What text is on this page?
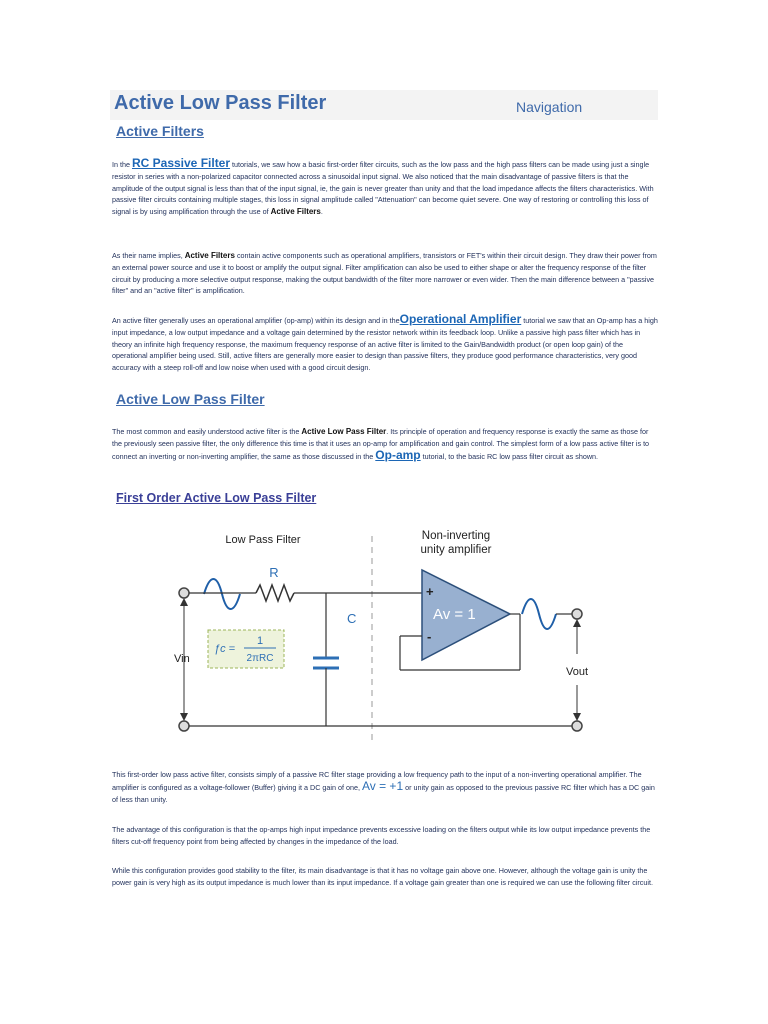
Active Low Pass Filter	Navigation
Active Filters

In the RC Passive Filter tutorials, we saw how a basic first-order filter circuits, such as the low pass and the high pass filters can be made using just a single resistor in series with a non-polarized capacitor connected across a sinusoidal input signal. We also noticed that the main disadvantage of passive filters is that the amplitude of the output signal is less than that of the input signal, ie, the gain is never greater than unity and that the load impedance affects the filters characteristics. With passive filter circuits containing multiple stages, this loss in signal amplitude called "Attenuation" can become quiet severe. One way of restoring or controlling this loss of signal is by using amplification through the use of Active Filters.

As their name implies, Active Filters contain active components such as operational amplifiers, transistors or FET's within their circuit design. They draw their power from an external power source and use it to boost or amplify the output signal. Filter amplification can also be used to either shape or alter the frequency response of the filter circuit by producing a more selective output response, making the output bandwidth of the filter more narrower or even wider. Then the main difference between a "passive filter" and an "active filter" is amplification.

An active filter generally uses an operational amplifier (op-amp) within its design and in theOperational Amplifier tutorial we saw that an Op-amp has a high input impedance, a low output impedance and a voltage gain determined by the resistor network within its feedback loop. Unlike a passive high pass filter which has in theory an infinite high frequency response, the maximum frequency response of an active filter is limited to the Gain/Bandwidth product (or open loop gain) of the operational amplifier being used. Still, active filters are generally more easier to design than passive filters, they produce good performance characteristics, very good accuracy with a steep roll-off and low noise when used with a good circuit design.

Active Low Pass Filter

The most common and easily understood active filter is the Active Low Pass Filter. Its principle of operation and frequency response is exactly the same as those for the previously seen passive filter, the only difference this time is that it uses an op-amp for amplification and gain control. The simplest form of a low pass active filter is to connect an inverting or non-inverting amplifier, the same as those discussed in the Op-amp tutorial, to the basic RC low pass filter circuit as shown.

First Order Active Low Pass Filter
Low Pass Filter	Non-inverting
unity amplifier
R
C
Vin
ƒc =
1
2πRC
+
-
Av = 1
Vout

This first-order low pass active filter, consists simply of a passive RC filter stage providing a low frequency path to the input of a non-inverting operational amplifier. The amplifier is configured as a voltage-follower (Buffer) giving it a DC gain of one, Av = +1 or unity gain as opposed to the previous passive RC filter which has a DC gain of less than unity.

The advantage of this configuration is that the op-amps high input impedance prevents excessive loading on the filters output while its low output impedance prevents the filters cut-off frequency point from being affected by changes in the impedance of the load.

While this configuration provides good stability to the filter, its main disadvantage is that it has no voltage gain above one. However, although the voltage gain is unity the power gain is very high as its output impedance is much lower than its input impedance. If a voltage gain greater than one is required we can use the following filter circuit.
